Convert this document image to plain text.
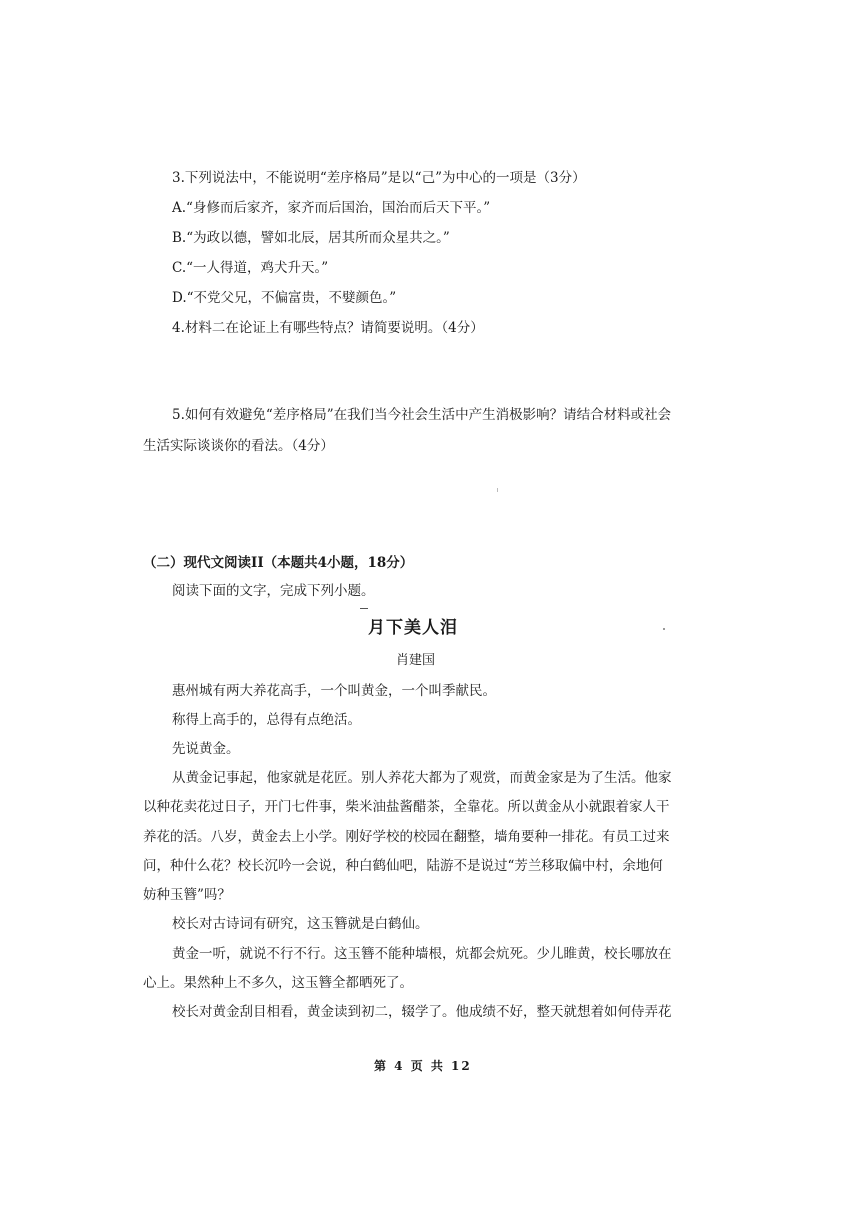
3.下列说法中，不能说明“差序格局”是以“己”为中心的一项是（3分）
A.“身修而后家齐，家齐而后国治，国治而后天下平。”
B.“为政以德，譬如北辰，居其所而众星共之。”
C.“一人得道，鸡犬升天。”
D.“不党父兄，不偏富贵，不嬖颜色。”
4.材料二在论证上有哪些特点？请简要说明。（4分）
5.如何有效避免“差序格局”在我们当今社会生活中产生消极影响？请结合材料或社会
生活实际谈谈你的看法。（4分）
（二）现代文阅读II（本题共4小题，18分）
阅读下面的文字，完成下列小题。
月下美人泪
肖建国
惠州城有两大养花高手，一个叫黄金，一个叫季献民。
称得上高手的，总得有点绝活。
先说黄金。
从黄金记事起，他家就是花匠。别人养花大都为了观赏，而黄金家是为了生活。他家
以种花卖花过日子，开门七件事，柴米油盐酱醋茶，全靠花。所以黄金从小就跟着家人干
养花的活。八岁，黄金去上小学。刚好学校的校园在翻整，墙角要种一排花。有员工过来
问，种什么花？校长沉吟一会说，种白鹤仙吧，陆游不是说过“芳兰移取偏中村，余地何
妨种玉簪”吗？
校长对古诗词有研究，这玉簪就是白鹤仙。
黄金一听，就说不行不行。这玉簪不能种墙根，炕都会炕死。少儿睢黄，校长哪放在
心上。果然种上不多久，这玉簪全都晒死了。
校长对黄金刮目相看，黄金读到初二，辍学了。他成绩不好，整天就想着如何侍弄花
第 4 页 共 12
